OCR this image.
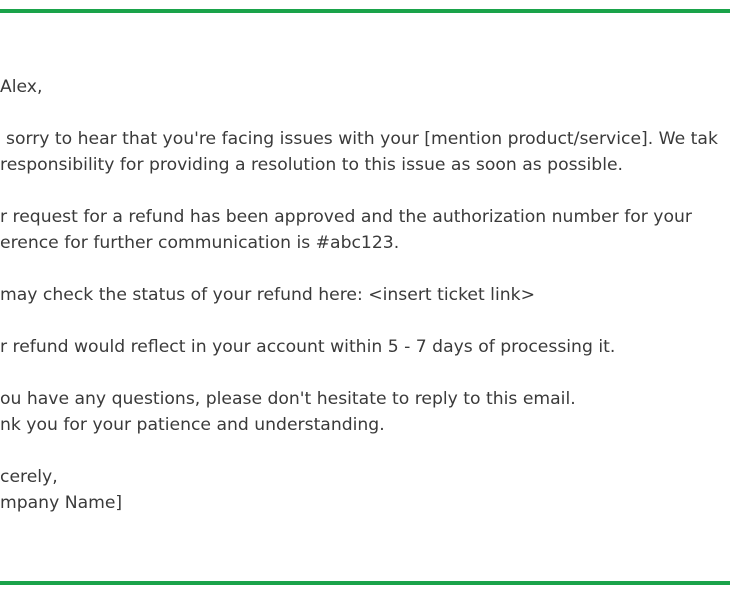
Alex,
sorry to hear that you're facing issues with your [mention product/service]. We tak
responsibility for providing a resolution to this issue as soon as possible.
r request for a refund has been approved and the authorization number for your
erence for further communication is #abc123.
may check the status of your refund here: <insert ticket link>
r refund would reflect in your account within 5 - 7 days of processing it.
ou have any questions, please don't hesitate to reply to this email.
nk you for your patience and understanding.
cerely,
mpany Name]
